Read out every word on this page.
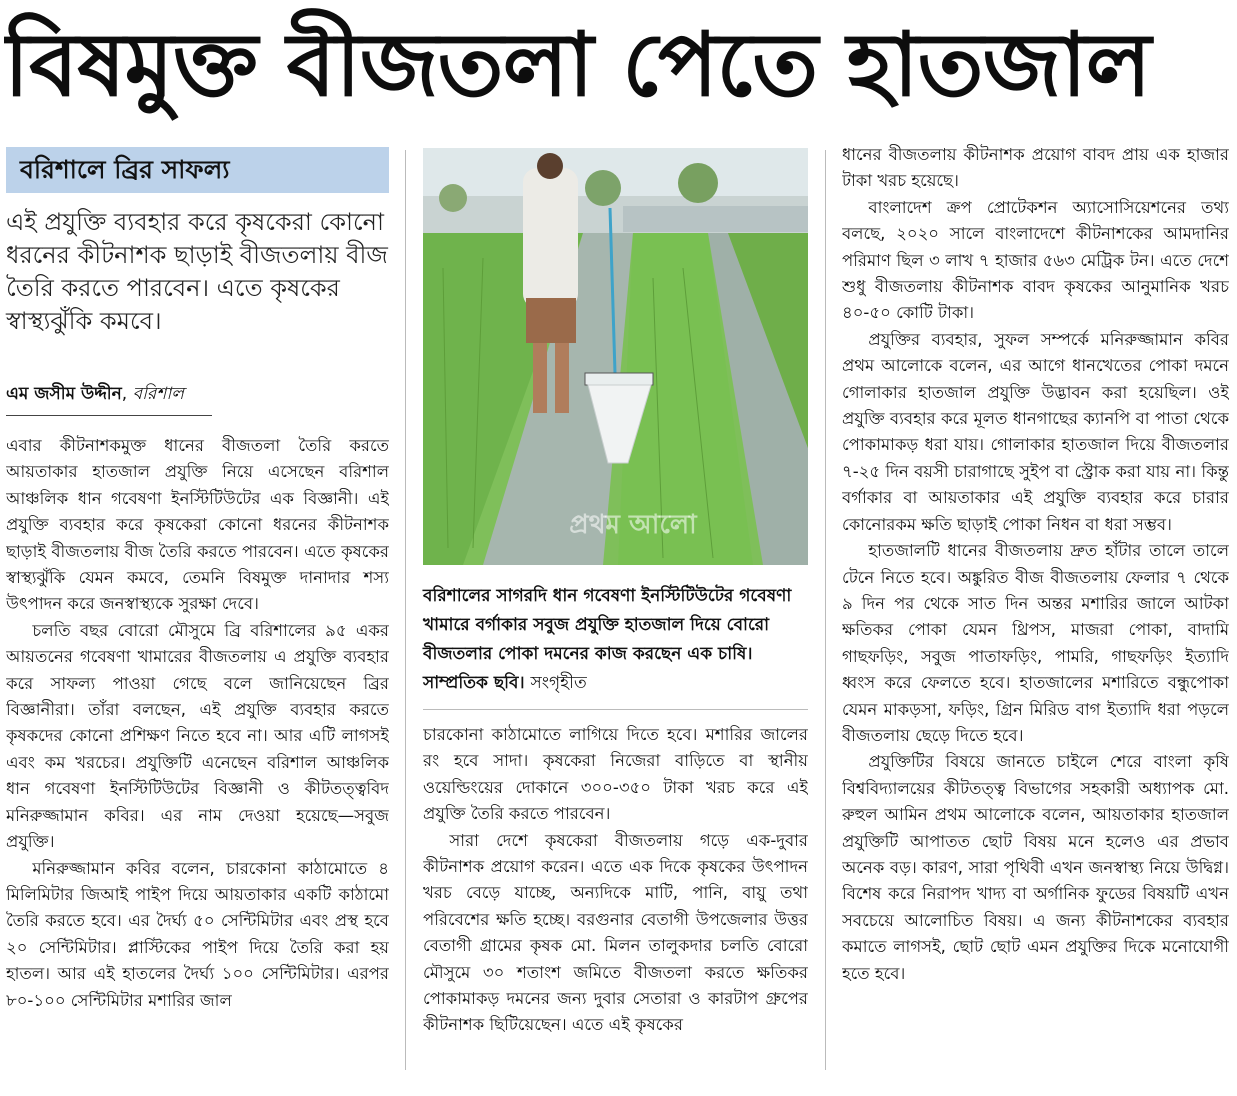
বিষমুক্ত বীজতলা পেতে হাতজাল
বরিশালে ব্রির সাফল্য

এই প্রযুক্তি ব্যবহার করে কৃষকেরা কোনো ধরনের কীটনাশক ছাড়াই বীজতলায় বীজ তৈরি করতে পারবেন। এতে কৃষকের স্বাস্থ্যঝুঁকি কমবে।

এম জসীম উদ্দীন, বরিশাল

এবার কীটনাশকমুক্ত ধানের বীজতলা তৈরি করতে আয়তাকার হাতজাল প্রযুক্তি নিয়ে এসেছেন বরিশাল আঞ্চলিক ধান গবেষণা ইনস্টিটিউটের এক বিজ্ঞানী। এই প্রযুক্তি ব্যবহার করে কৃষকেরা কোনো ধরনের কীটনাশক ছাড়াই বীজতলায় বীজ তৈরি করতে পারবেন। এতে কৃষকের স্বাস্থ্যঝুঁকি যেমন কমবে, তেমনি বিষমুক্ত দানাদার শস্য উৎপাদন করে জনস্বাস্থ্যকে সুরক্ষা দেবে।

চলতি বছর বোরো মৌসুমে ব্রি বরিশালের ৯৫ একর আয়তনের গবেষণা খামারের বীজতলায় এ প্রযুক্তি ব্যবহার করে সাফল্য পাওয়া গেছে বলে জানিয়েছেন ব্রির বিজ্ঞানীরা। তাঁরা বলছেন, এই প্রযুক্তি ব্যবহার করতে কৃষকদের কোনো প্রশিক্ষণ নিতে হবে না। আর এটি লাগসই এবং কম খরচের। প্রযুক্তিটি এনেছেন বরিশাল আঞ্চলিক ধান গবেষণা ইনস্টিটিউটের বিজ্ঞানী ও কীটতত্ত্ববিদ মনিরুজ্জামান কবির। এর নাম দেওয়া হয়েছে—সবুজ প্রযুক্তি।

মনিরুজ্জামান কবির বলেন, চারকোনা কাঠামোতে ৪ মিলিমিটার জিআই পাইপ দিয়ে আয়তাকার একটি কাঠামো তৈরি করতে হবে। এর দৈর্ঘ্য ৫০ সেন্টিমিটার এবং প্রস্থ হবে ২০ সেন্টিমিটার। প্লাস্টিকের পাইপ দিয়ে তৈরি করা হয় হাতল। আর এই হাতলের দৈর্ঘ্য ১০০ সেন্টিমিটার। এরপর ৮০-১০০ সেন্টিমিটার মশারির জাল

প্রথম আলো

বরিশালের সাগরদি ধান গবেষণা ইনস্টিটিউটের গবেষণা খামারে বর্গাকার সবুজ প্রযুক্তি হাতজাল দিয়ে বোরো বীজতলার পোকা দমনের কাজ করছেন এক চাষি। সাম্প্রতিক ছবি। সংগৃহীত

চারকোনা কাঠামোতে লাগিয়ে দিতে হবে। মশারির জালের রং হবে সাদা। কৃষকেরা নিজেরা বাড়িতে বা স্থানীয় ওয়েল্ডিংয়ের দোকানে ৩০০-৩৫০ টাকা খরচ করে এই প্রযুক্তি তৈরি করতে পারবেন।

সারা দেশে কৃষকেরা বীজতলায় গড়ে এক-দুবার কীটনাশক প্রয়োগ করেন। এতে এক দিকে কৃষকের উৎপাদন খরচ বেড়ে যাচ্ছে, অন্যদিকে মাটি, পানি, বায়ু তথা পরিবেশের ক্ষতি হচ্ছে। বরগুনার বেতাগী উপজেলার উত্তর বেতাগী গ্রামের কৃষক মো. মিলন তালুকদার চলতি বোরো মৌসুমে ৩০ শতাংশ জমিতে বীজতলা করতে ক্ষতিকর পোকামাকড় দমনের জন্য দুবার সেতারা ও কারটাপ গ্রুপের কীটনাশক ছিটিয়েছেন। এতে এই কৃষকের

ধানের বীজতলায় কীটনাশক প্রয়োগ বাবদ প্রায় এক হাজার টাকা খরচ হয়েছে।

বাংলাদেশ ক্রপ প্রোটেকশন অ্যাসোসিয়েশনের তথ্য বলছে, ২০২০ সালে বাংলাদেশে কীটনাশকের আমদানির পরিমাণ ছিল ৩ লাখ ৭ হাজার ৫৬৩ মেট্রিক টন। এতে দেশে শুধু বীজতলায় কীটনাশক বাবদ কৃষকের আনুমানিক খরচ ৪০-৫০ কোটি টাকা।

প্রযুক্তির ব্যবহার, সুফল সম্পর্কে মনিরুজ্জামান কবির প্রথম আলোকে বলেন, এর আগে ধানখেতের পোকা দমনে গোলাকার হাতজাল প্রযুক্তি উদ্ভাবন করা হয়েছিল। ওই প্রযুক্তি ব্যবহার করে মূলত ধানগাছের ক্যানপি বা পাতা থেকে পোকামাকড় ধরা যায়। গোলাকার হাতজাল দিয়ে বীজতলার ৭-২৫ দিন বয়সী চারাগাছে সুইপ বা স্ট্রোক করা যায় না। কিন্তু বর্গাকার বা আয়তাকার এই প্রযুক্তি ব্যবহার করে চারার কোনোরকম ক্ষতি ছাড়াই পোকা নিধন বা ধরা সম্ভব।

হাতজালটি ধানের বীজতলায় দ্রুত হাঁটার তালে তালে টেনে নিতে হবে। অঙ্কুরিত বীজ বীজতলায় ফেলার ৭ থেকে ৯ দিন পর থেকে সাত দিন অন্তর মশারির জালে আটকা ক্ষতিকর পোকা যেমন থ্রিপস, মাজরা পোকা, বাদামি গাছফড়িং, সবুজ পাতাফড়িং, পামরি, গাছফড়িং ইত্যাদি ধ্বংস করে ফেলতে হবে। হাতজালের মশারিতে বন্ধুপোকা যেমন মাকড়সা, ফড়িং, গ্রিন মিরিড বাগ ইত্যাদি ধরা পড়লে বীজতলায় ছেড়ে দিতে হবে।

প্রযুক্তিটির বিষয়ে জানতে চাইলে শেরে বাংলা কৃষি বিশ্ববিদ্যালয়ের কীটতত্ত্ব বিভাগের সহকারী অধ্যাপক মো. রুহুল আমিন প্রথম আলোকে বলেন, আয়তাকার হাতজাল প্রযুক্তিটি আপাতত ছোট বিষয় মনে হলেও এর প্রভাব অনেক বড়। কারণ, সারা পৃথিবী এখন জনস্বাস্থ্য নিয়ে উদ্বিগ্ন। বিশেষ করে নিরাপদ খাদ্য বা অর্গানিক ফুডের বিষয়টি এখন সবচেয়ে আলোচিত বিষয়। এ জন্য কীটনাশকের ব্যবহার কমাতে লাগসই, ছোট ছোট এমন প্রযুক্তির দিকে মনোযোগী হতে হবে।
